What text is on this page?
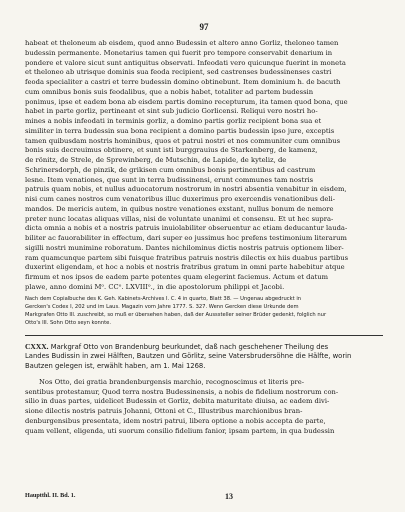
97
habeat et theloneum ab eisdem, quod anno Budessin et altero anno Gorliz, theloneo tamen
budessin permanente. Monetarius tamen qui fuerit pro tempore conservabit denarium in
pondere et valore sicut sunt antiquitus observati. Infeodati vero quicunque fuerint in moneta
et theloneo ab utrisque dominis sua feoda recipient, sed castrenses budessinenses castri
feoda specialiter a castri et terre budessin domino obtinebunt. Item dominium h. de bacuth
cum omnibus bonis suis feodalibus, que a nobis habet, totaliter ad partem budessin
ponimus, ipse et eadem bona ab eisdem partis domino recepturum, ita tamen quod bona, que
habet in parte gorliz, pertineant et sint sub judicio Gorlicensi. Reliqui vero nostri ho-
mines a nobis infeodati in terminis gorliz, a domino partis gorliz recipient bona sua et
similiter in terra budessin sua bona recipient a domino partis budessin ipso jure, exceptis
tamen quibusdam nostris hominibus, quos et patrui nostri et nos communiter cum omnibus
bonis suis decreuimus obtinere, et sunt isti burggrauius de Starkenberg, de kamenz,
de rönitz, de Strele, de Sprewinberg, de Mutschin, de Lapide, de kyteliz, de
Schrinersdorph, de pinzik, de grikisen cum omnibus bonis pertinentibus ad castrum
lesne. Item venationes, que sunt in terra budissinensi, erunt communes tam nostris
patruis quam nobis, et nullus aduocatorum nostrorum in nostri absentia venabitur in eisdem,
nisi cum canes nostros cum venatoribus illuc duxerimus pro exercendis venationibus deli-
mandos. De mericis autem, in quibus nostre venationes exstant, nullus bonum de nemore
preter nunc locatas aliquas villas, nisi de voluntate unanimi et consensu. Et ut hec supra-
dicta omnia a nobis et a nostris patruis inuiolabiliter obseruentur ac etiam deducantur lauda-
biliter ac fauorabiliter in effectum, dari super eo jussimus hoc prefens testimonium literarum
sigilli nostri munimine roboratum. Dantes nichilominus dictis nostris patruis optionem liber-
ram quamcunque partem sibi fuisque fratribus patruis nostris dilectis ex hiis duabus partibus
duxerint eligendam, et hoc a nobis et nostris fratribus gratum in omni parte habebitur atque
firmum et nos ipsos de eadem parte potentes quam elegerint faciemus. Actum et datum
plawe, anno domini Mᵒ. CCᵒ. LXVIIIᵒ., in die apostolorum philippi et Jacobi.
Nach dem Copialbuche des K. Geh. Kabinets-Archives I. C. 4 in quarto, Blatt 38. — Ungenau abgedruckt in
Gercken's Codex I, 202 und im Laus. Magazin vom Jahre 1777. S. 327. Wenn Gercken diese Urkunde dem
Markgrafen Otto III. zuschreibt, so muß er übersehen haben, daß der Ausssteller seiner Brüder gedenkt, folglich nur
Otto's III. Sohn Otto seyn konnte.
CXXX. Markgraf Otto von Brandenburg beurkundet, daß nach geschehener Theilung des
Landes Budissin in zwei Hälften, Bautzen und Görlitz, seine Vatersbrudersöhne die Hälfte, worin
Bautzen gelegen ist, erwählt haben, am 1. Mai 1268.
Nos Otto, dei gratia brandenburgensis marchio, recognoscimus et literis pre-
sentibus protestamur, Quod terra nostra Budessinensis, a nobis de fidelium nostrorum con-
silio in duas partes, uidelicet Budessin et Gorliz, debita maturitate diuisa, ac eadem divi-
sione dilectis nostris patruis Johanni, Ottoni et C., Illustribus marchionibus bran-
denburgensibus presentata, idem nostri patrui, libera optione a nobis accepta de parte,
quam vellent, eligenda, uti suorum consilio fidelium fanior, ipsam partem, in qua budessin
Hauptthl. II. Bd. 1.	13
